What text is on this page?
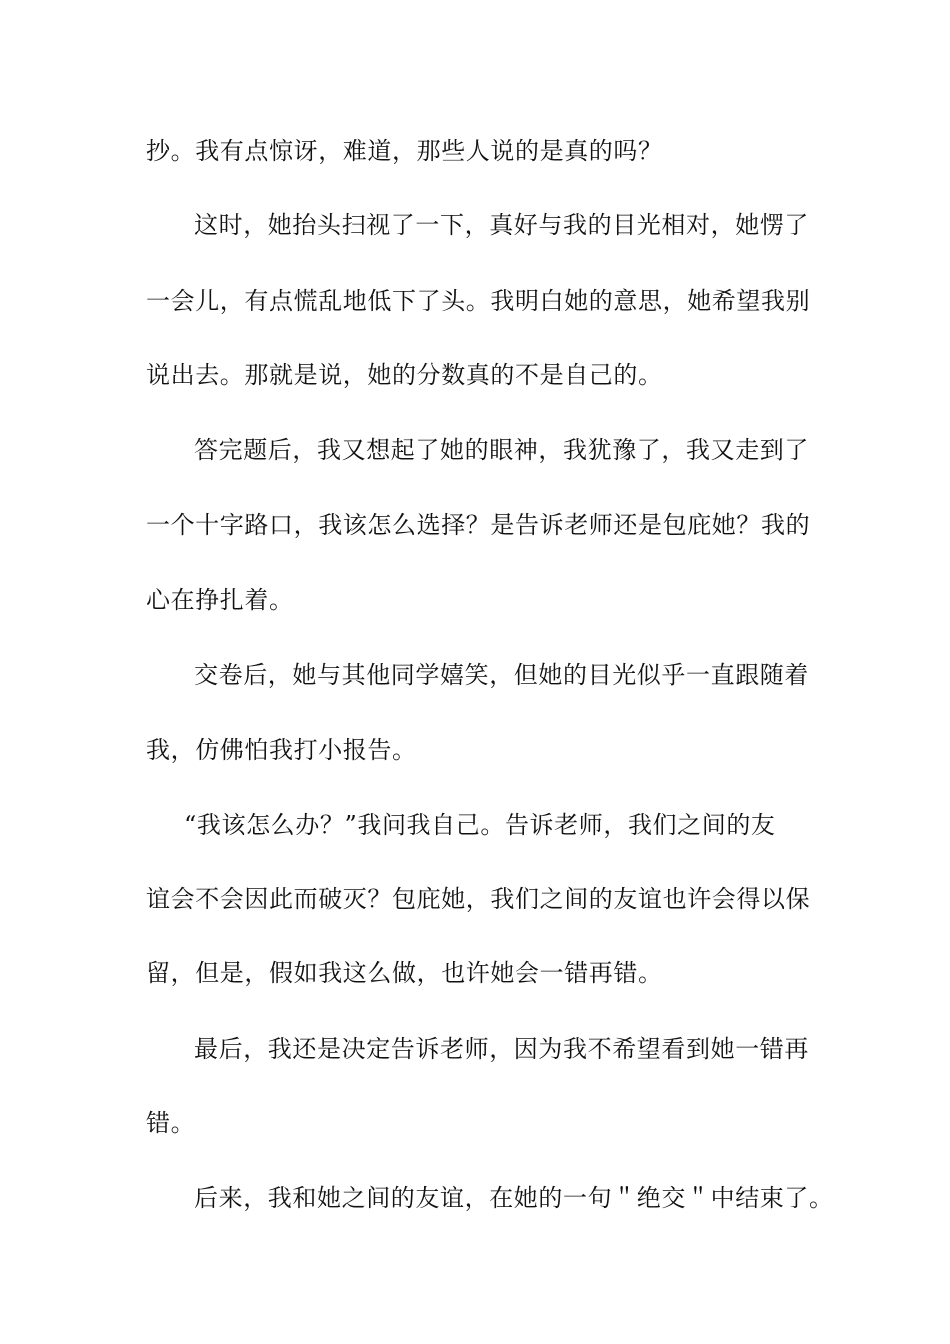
抄。我有点惊讶，难道，那些人说的是真的吗？
这时，她抬头扫视了一下，真好与我的目光相对，她愣了
一会儿，有点慌乱地低下了头。我明白她的意思，她希望我别
说出去。那就是说，她的分数真的不是自己的。
答完题后，我又想起了她的眼神，我犹豫了，我又走到了
一个十字路口，我该怎么选择？是告诉老师还是包庇她？我的
心在挣扎着。
交卷后，她与其他同学嬉笑，但她的目光似乎一直跟随着
我，仿佛怕我打小报告。
“我该怎么办？”我问我自己。告诉老师，我们之间的友
谊会不会因此而破灭？包庇她，我们之间的友谊也许会得以保
留，但是，假如我这么做，也许她会一错再错。
最后，我还是决定告诉老师，因为我不希望看到她一错再
错。
后来，我和她之间的友谊，在她的一句＂绝交＂中结束了。
